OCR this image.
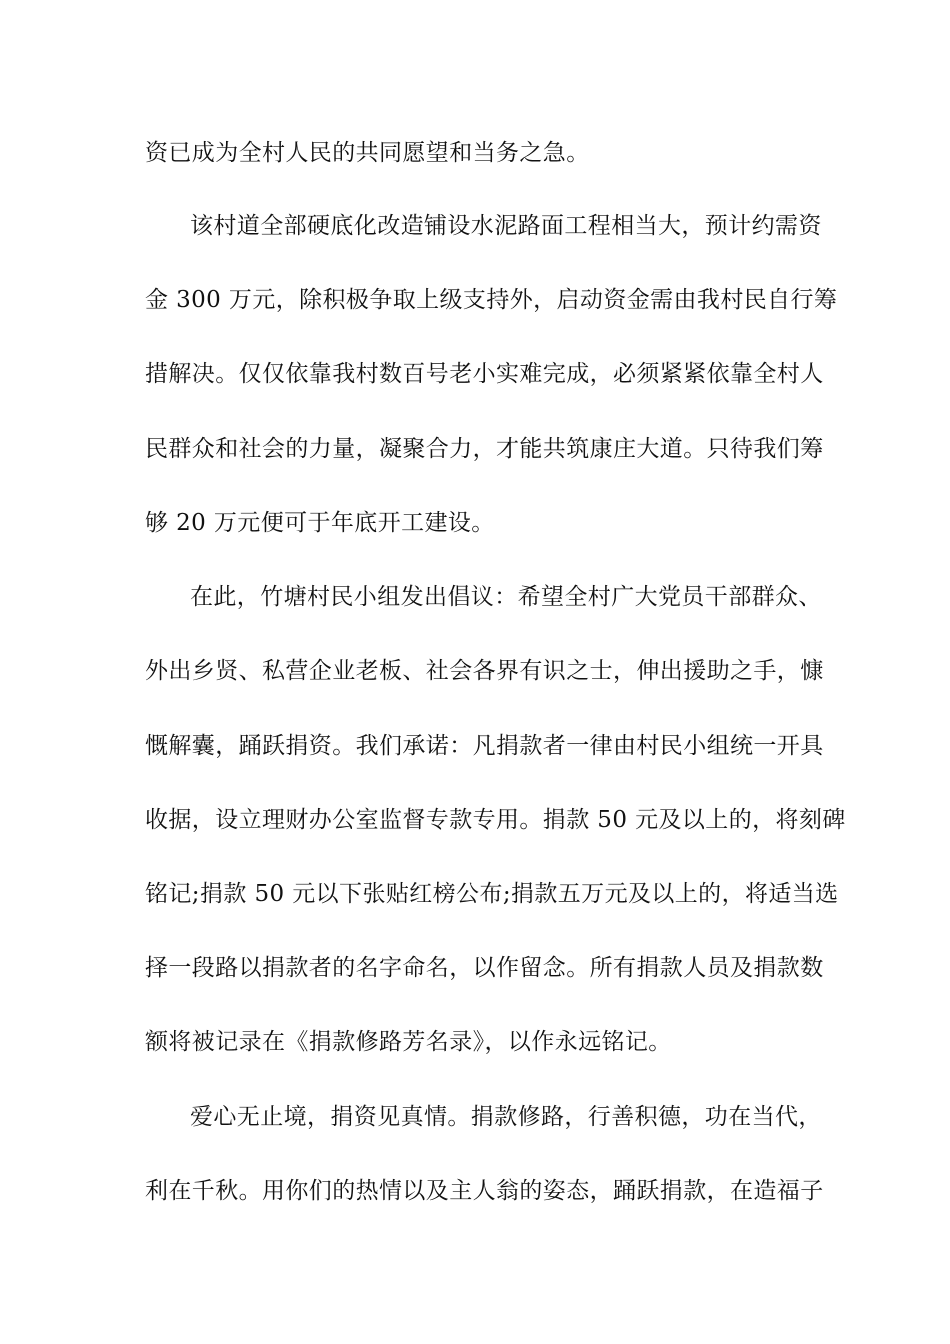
资已成为全村人民的共同愿望和当务之急。
该村道全部硬底化改造铺设水泥路面工程相当大，预计约需资
金 300 万元，除积极争取上级支持外，启动资金需由我村民自行筹
措解决。仅仅依靠我村数百号老小实难完成，必须紧紧依靠全村人
民群众和社会的力量，凝聚合力，才能共筑康庄大道。只待我们筹
够 20 万元便可于年底开工建设。
在此，竹塘村民小组发出倡议：希望全村广大党员干部群众、
外出乡贤、私营企业老板、社会各界有识之士，伸出援助之手，慷
慨解囊，踊跃捐资。我们承诺：凡捐款者一律由村民小组统一开具
收据，设立理财办公室监督专款专用。捐款 50 元及以上的，将刻碑
铭记;捐款 50 元以下张贴红榜公布;捐款五万元及以上的，将适当选
择一段路以捐款者的名字命名，以作留念。所有捐款人员及捐款数
额将被记录在《捐款修路芳名录》，以作永远铭记。
爱心无止境，捐资见真情。捐款修路，行善积德，功在当代，
利在千秋。用你们的热情以及主人翁的姿态，踊跃捐款，在造福子
